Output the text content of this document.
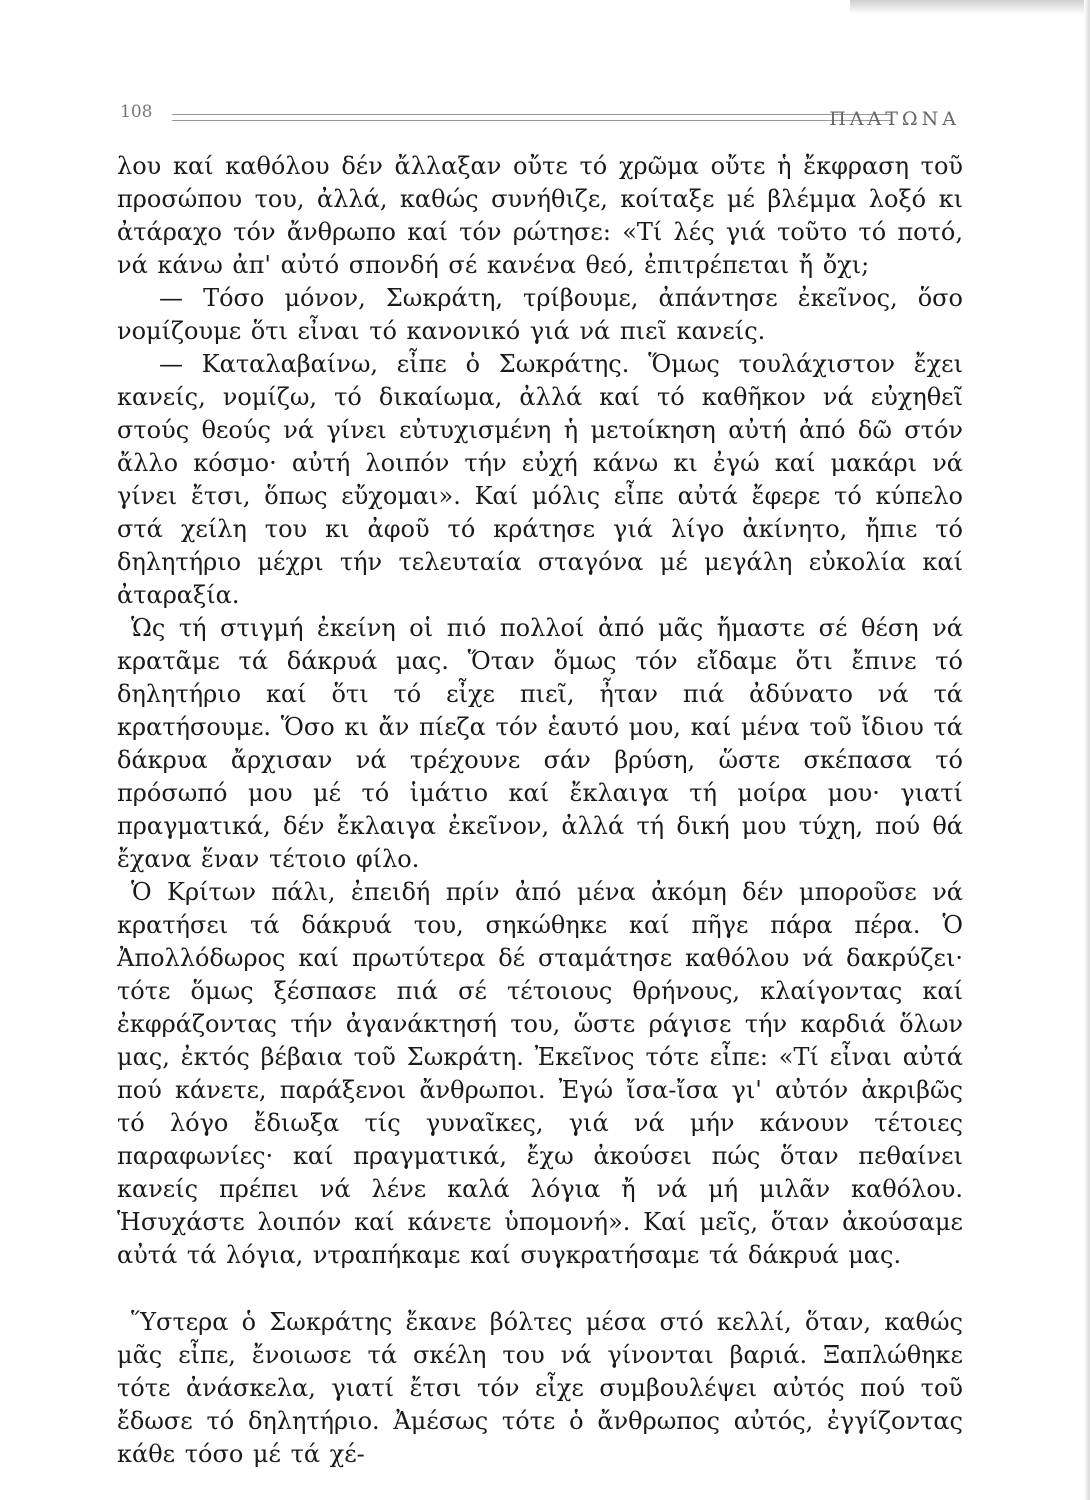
108	ΠΛΑΤΩΝΑ

λου καί καθόλου δέν ἄλλαξαν οὔτε τό χρῶμα οὔτε ἡ ἔκφραση τοῦ προσώπου του, ἀλλά, καθώς συνήθιζε, κοίταξε μέ βλέμμα λοξό κι ἀτάραχο τόν ἄνθρωπο καί τόν ρώτησε: «Τί λές γιά τοῦτο τό ποτό, νά κάνω ἀπ' αὐτό σπονδή σέ κανένα θεό, ἐπιτρέπεται ἤ ὄχι;

— Τόσο μόνον, Σωκράτη, τρίβουμε, ἀπάντησε ἐκεῖνος, ὅσο νομίζουμε ὅτι εἶναι τό κανονικό γιά νά πιεῖ κανείς.

— Καταλαβαίνω, εἶπε ὁ Σωκράτης. Ὅμως τουλάχιστον ἔχει κανείς, νομίζω, τό δικαίωμα, ἀλλά καί τό καθῆκον νά εὐχηθεῖ στούς θεούς νά γίνει εὐτυχισμένη ἡ μετοίκηση αὐτή ἀπό δῶ στόν ἄλλο κόσμο· αὐτή λοιπόν τήν εὐχή κάνω κι ἐγώ καί μακάρι νά γίνει ἔτσι, ὅπως εὔχομαι». Καί μόλις εἶπε αὐτά ἔφερε τό κύπελο στά χείλη του κι ἀφοῦ τό κράτησε γιά λίγο ἀκίνητο, ἤπιε τό δηλητήριο μέχρι τήν τελευταία σταγόνα μέ μεγάλη εὐκολία καί ἀταραξία.

Ὡς τή στιγμή ἐκείνη οἱ πιό πολλοί ἀπό μᾶς ἤμαστε σέ θέση νά κρατᾶμε τά δάκρυά μας. Ὅταν ὅμως τόν εἴδαμε ὅτι ἔπινε τό δηλητήριο καί ὅτι τό εἶχε πιεῖ, ἦταν πιά ἀδύνατο νά τά κρατήσουμε. Ὅσο κι ἄν πίεζα τόν ἑαυτό μου, καί μένα τοῦ ἴδιου τά δάκρυα ἄρχισαν νά τρέχουνε σάν βρύση, ὥστε σκέπασα τό πρόσωπό μου μέ τό ἱμάτιο καί ἔκλαιγα τή μοίρα μου· γιατί πραγματικά, δέν ἔκλαιγα ἐκεῖνον, ἀλλά τή δική μου τύχη, πού θά ἔχανα ἕναν τέτοιο φίλο.

Ὁ Κρίτων πάλι, ἐπειδή πρίν ἀπό μένα ἀκόμη δέν μποροῦσε νά κρατήσει τά δάκρυά του, σηκώθηκε καί πῆγε πάρα πέρα. Ὁ Ἀπολλόδωρος καί πρωτύτερα δέ σταμάτησε καθόλου νά δακρύζει· τότε ὅμως ξέσπασε πιά σέ τέτοιους θρήνους, κλαίγοντας καί ἐκφράζοντας τήν ἀγανάκτησή του, ὥστε ράγισε τήν καρδιά ὅλων μας, ἐκτός βέβαια τοῦ Σωκράτη. Ἐκεῖνος τότε εἶπε: «Τί εἶναι αὐτά πού κάνετε, παράξενοι ἄνθρωποι. Ἐγώ ἴσα-ἴσα γι' αὐτόν ἀκριβῶς τό λόγο ἔδιωξα τίς γυναῖκες, γιά νά μήν κάνουν τέτοιες παραφωνίες· καί πραγματικά, ἔχω ἀκούσει πώς ὅταν πεθαίνει κανείς πρέπει νά λένε καλά λόγια ἤ νά μή μιλᾶν καθόλου. Ἡσυχάστε λοιπόν καί κάνετε ὑπομονή». Καί μεῖς, ὅταν ἀκούσαμε αὐτά τά λόγια, ντραπήκαμε καί συγκρατήσαμε τά δάκρυά μας.

Ὕστερα ὁ Σωκράτης ἔκανε βόλτες μέσα στό κελλί, ὅταν, καθώς μᾶς εἶπε, ἔνοιωσε τά σκέλη του νά γίνονται βαριά. Ξαπλώθηκε τότε ἀνάσκελα, γιατί ἔτσι τόν εἶχε συμβουλέψει αὐτός πού τοῦ ἔδωσε τό δηλητήριο. Ἀμέσως τότε ὁ ἄνθρωπος αὐτός, ἐγγίζοντας κάθε τόσο μέ τά χέ-
